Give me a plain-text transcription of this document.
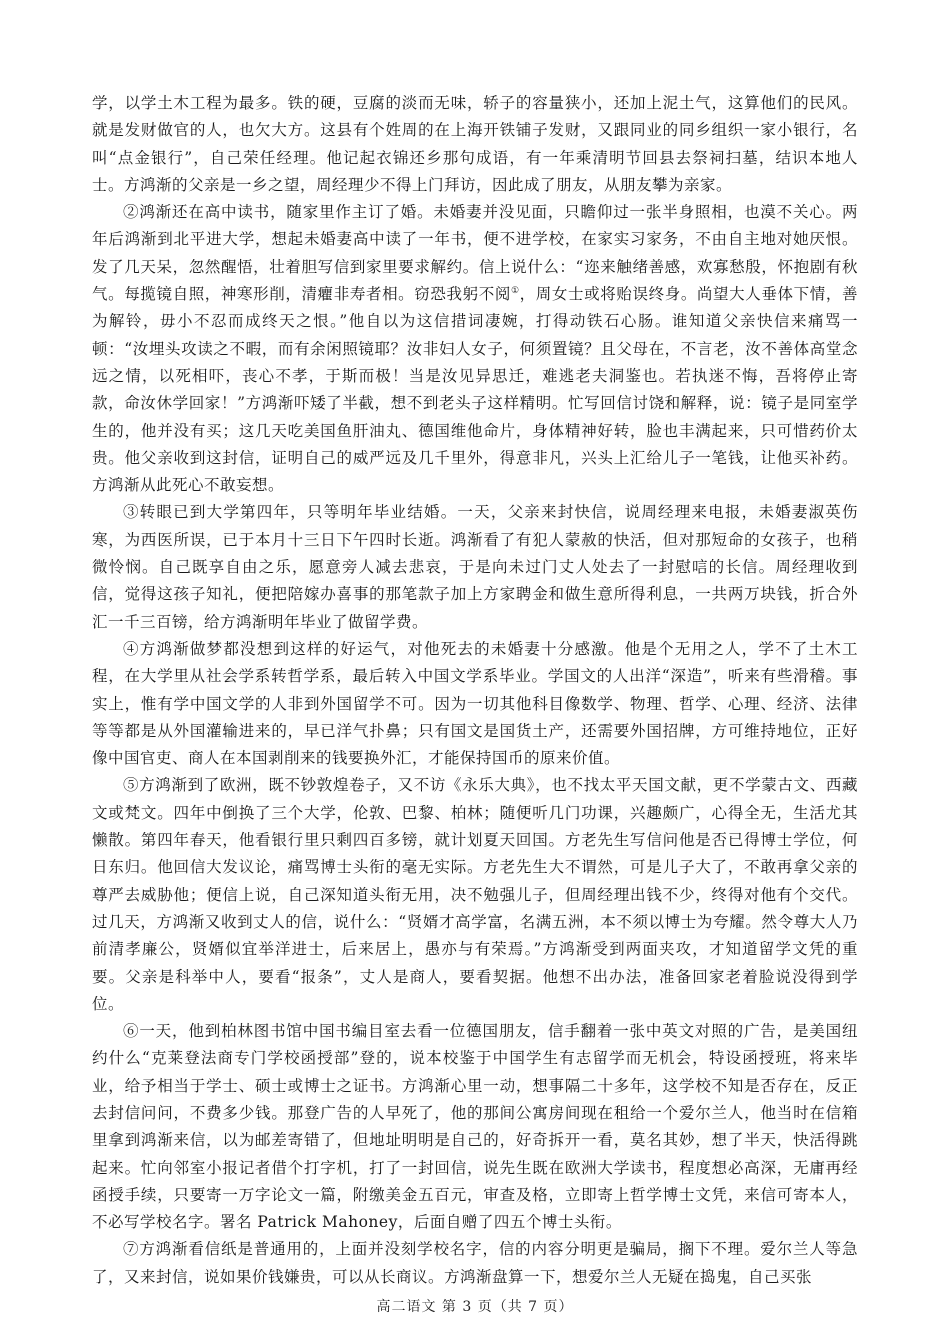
学，以学土木工程为最多。铁的硬，豆腐的淡而无味，轿子的容量狭小，还加上泥土气，这算他们的民风。就是发财做官的人，也欠大方。这县有个姓周的在上海开铁铺子发财，又跟同业的同乡组织一家小银行，名叫“点金银行”，自己荣任经理。他记起衣锦还乡那句成语，有一年乘清明节回县去祭祠扫墓，结识本地人士。方鸿渐的父亲是一乡之望，周经理少不得上门拜访，因此成了朋友，从朋友攀为亲家。

②鸿渐还在高中读书，随家里作主订了婚。未婚妻并没见面，只瞻仰过一张半身照相，也漠不关心。两年后鸿渐到北平进大学，想起未婚妻高中读了一年书，便不进学校，在家实习家务，不由自主地对她厌恨。发了几天呆，忽然醒悟，壮着胆写信到家里要求解约。信上说什么：“迩来触绪善感，欢寡愁殷，怀抱剧有秋气。每揽镜自照，神寒形削，清癯非寿者相。窃恐我躬不阅①，周女士或将贻误终身。尚望大人垂体下情，善为解铃，毋小不忍而成终天之恨。”他自以为这信措词凄婉，打得动铁石心肠。谁知道父亲快信来痛骂一顿：“汝埋头攻读之不暇，而有余闲照镜耶？汝非妇人女子，何须置镜？且父母在，不言老，汝不善体高堂念远之情，以死相吓，丧心不孝，于斯而极！当是汝见异思迁，难逃老夫洞鉴也。若执迷不悔，吾将停止寄款，命汝休学回家！”方鸿渐吓矮了半截，想不到老头子这样精明。忙写回信讨饶和解释，说：镜子是同室学生的，他并没有买；这几天吃美国鱼肝油丸、德国维他命片，身体精神好转，脸也丰满起来，只可惜药价太贵。他父亲收到这封信，证明自己的威严远及几千里外，得意非凡，兴头上汇给儿子一笔钱，让他买补药。方鸿渐从此死心不敢妄想。

③转眼已到大学第四年，只等明年毕业结婚。一天，父亲来封快信，说周经理来电报，未婚妻淑英伤寒，为西医所误，已于本月十三日下午四时长逝。鸿渐看了有犯人蒙赦的快活，但对那短命的女孩子，也稍微怜悯。自己既享自由之乐，愿意旁人减去悲哀，于是向未过门丈人处去了一封慰唁的长信。周经理收到信，觉得这孩子知礼，便把陪嫁办喜事的那笔款子加上方家聘金和做生意所得利息，一共两万块钱，折合外汇一千三百镑，给方鸿渐明年毕业了做留学费。

④方鸿渐做梦都没想到这样的好运气，对他死去的未婚妻十分感激。他是个无用之人，学不了土木工程，在大学里从社会学系转哲学系，最后转入中国文学系毕业。学国文的人出洋“深造”，听来有些滑稽。事实上，惟有学中国文学的人非到外国留学不可。因为一切其他科目像数学、物理、哲学、心理、经济、法律等等都是从外国灌输进来的，早已洋气扑鼻；只有国文是国货土产，还需要外国招牌，方可维持地位，正好像中国官吏、商人在本国剥削来的钱要换外汇，才能保持国币的原来价值。

⑤方鸿渐到了欧洲，既不钞敦煌卷子，又不访《永乐大典》，也不找太平天国文献，更不学蒙古文、西藏文或梵文。四年中倒换了三个大学，伦敦、巴黎、柏林；随便听几门功课，兴趣颇广，心得全无，生活尤其懒散。第四年春天，他看银行里只剩四百多镑，就计划夏天回国。方老先生写信问他是否已得博士学位，何日东归。他回信大发议论，痛骂博士头衔的毫无实际。方老先生大不谓然，可是儿子大了，不敢再拿父亲的尊严去威胁他；便信上说，自己深知道头衔无用，决不勉强儿子，但周经理出钱不少，终得对他有个交代。过几天，方鸿渐又收到丈人的信，说什么：“贤婿才高学富，名满五洲，本不须以博士为夸耀。然令尊大人乃前清孝廉公，贤婿似宜举洋进士，后来居上，愚亦与有荣焉。”方鸿渐受到两面夹攻，才知道留学文凭的重要。父亲是科举中人，要看“报条”，丈人是商人，要看契据。他想不出办法，准备回家老着脸说没得到学位。

⑥一天，他到柏林图书馆中国书编目室去看一位德国朋友，信手翻着一张中英文对照的广告，是美国纽约什么“克莱登法商专门学校函授部”登的，说本校鉴于中国学生有志留学而无机会，特设函授班，将来毕业，给予相当于学士、硕士或博士之证书。方鸿渐心里一动，想事隔二十多年，这学校不知是否存在，反正去封信问问，不费多少钱。那登广告的人早死了，他的那间公寓房间现在租给一个爱尔兰人，他当时在信箱里拿到鸿渐来信，以为邮差寄错了，但地址明明是自己的，好奇拆开一看，莫名其妙，想了半天，快活得跳起来。忙向邻室小报记者借个打字机，打了一封回信，说先生既在欧洲大学读书，程度想必高深，无庸再经函授手续，只要寄一万字论文一篇，附缴美金五百元，审查及格，立即寄上哲学博士文凭，来信可寄本人，不必写学校名字。署名 Patrick Mahoney，后面自赠了四五个博士头衔。

⑦方鸿渐看信纸是普通用的，上面并没刻学校名字，信的内容分明更是骗局，搁下不理。爱尔兰人等急了，又来封信，说如果价钱嫌贵，可以从长商议。方鸿渐盘算一下，想爱尔兰人无疑在捣鬼，自己买张

高二语文 第 3 页（共 7 页）
